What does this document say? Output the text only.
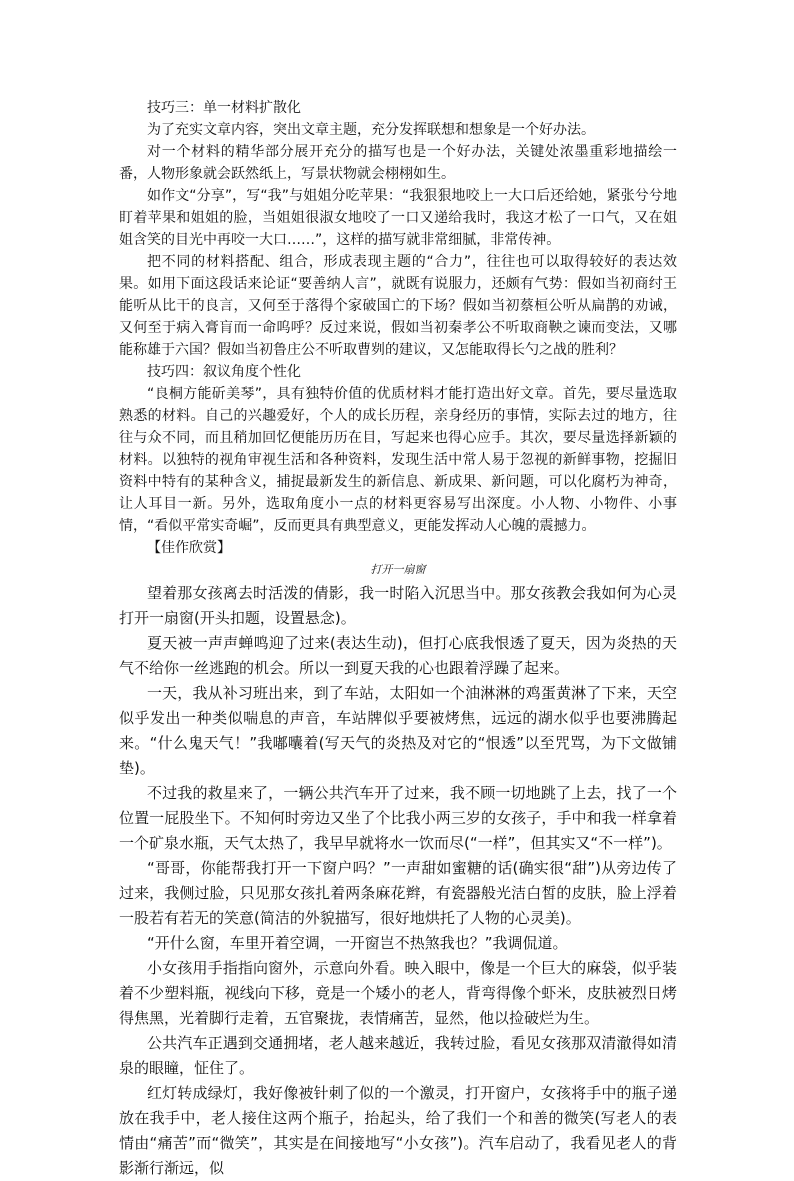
技巧三：单一材料扩散化

为了充实文章内容，突出文章主题，充分发挥联想和想象是一个好办法。

对一个材料的精华部分展开充分的描写也是一个好办法，关键处浓墨重彩地描绘一番，人物形象就会跃然纸上，写景状物就会栩栩如生。

如作文“分享”，写“我”与姐姐分吃苹果：“我狠狠地咬上一大口后还给她，紧张兮兮地盯着苹果和姐姐的脸，当姐姐很淑女地咬了一口又递给我时，我这才松了一口气，又在姐姐含笑的目光中再咬一大口……”，这样的描写就非常细腻，非常传神。

把不同的材料搭配、组合，形成表现主题的“合力”，往往也可以取得较好的表达效果。如用下面这段话来论证“要善纳人言”，就既有说服力，还颇有气势：假如当初商纣王能听从比干的良言，又何至于落得个家破国亡的下场？假如当初蔡桓公听从扁鹊的劝诫，又何至于病入膏肓而一命呜呼？反过来说，假如当初秦孝公不听取商鞅之谏而变法，又哪能称雄于六国？假如当初鲁庄公不听取曹刿的建议，又怎能取得长勺之战的胜利？

技巧四：叙议角度个性化

“良桐方能斫美琴”，具有独特价值的优质材料才能打造出好文章。首先，要尽量选取熟悉的材料。自己的兴趣爱好，个人的成长历程，亲身经历的事情，实际去过的地方，往往与众不同，而且稍加回忆便能历历在目，写起来也得心应手。其次，要尽量选择新颖的材料。以独特的视角审视生活和各种资料，发现生活中常人易于忽视的新鲜事物，挖掘旧资料中特有的某种含义，捕捉最新发生的新信息、新成果、新问题，可以化腐朽为神奇，让人耳目一新。另外，选取角度小一点的材料更容易写出深度。小人物、小物件、小事情，“看似平常实奇崛”，反而更具有典型意义，更能发挥动人心魄的震撼力。

【佳作欣赏】

打开一扇窗

望着那女孩离去时活泼的倩影，我一时陷入沉思当中。那女孩教会我如何为心灵打开一扇窗(开头扣题，设置悬念)。

夏天被一声声蝉鸣迎了过来(表达生动)，但打心底我恨透了夏天，因为炎热的天气不给你一丝逃跑的机会。所以一到夏天我的心也跟着浮躁了起来。

一天，我从补习班出来，到了车站，太阳如一个油淋淋的鸡蛋黄淋了下来，天空似乎发出一种类似喘息的声音，车站牌似乎要被烤焦，远远的湖水似乎也要沸腾起来。“什么鬼天气！”我嘟囔着(写天气的炎热及对它的“恨透”以至咒骂，为下文做铺垫)。

不过我的救星来了，一辆公共汽车开了过来，我不顾一切地跳了上去，找了一个位置一屁股坐下。不知何时旁边又坐了个比我小两三岁的女孩子，手中和我一样拿着一个矿泉水瓶，天气太热了，我早早就将水一饮而尽(“一样”，但其实又“不一样”)。

“哥哥，你能帮我打开一下窗户吗？”一声甜如蜜糖的话(确实很“甜”)从旁边传了过来，我侧过脸，只见那女孩扎着两条麻花辫，有瓷器般光洁白皙的皮肤，脸上浮着一股若有若无的笑意(简洁的外貌描写，很好地烘托了人物的心灵美)。

“开什么窗，车里开着空调，一开窗岂不热煞我也？”我调侃道。

小女孩用手指指向窗外，示意向外看。映入眼中，像是一个巨大的麻袋，似乎装着不少塑料瓶，视线向下移，竟是一个矮小的老人，背弯得像个虾米，皮肤被烈日烤得焦黑，光着脚行走着，五官聚拢，表情痛苦，显然，他以捡破烂为生。

公共汽车正遇到交通拥堵，老人越来越近，我转过脸，看见女孩那双清澈得如清泉的眼瞳，怔住了。

红灯转成绿灯，我好像被针刺了似的一个激灵，打开窗户，女孩将手中的瓶子递放在我手中，老人接住这两个瓶子，抬起头，给了我们一个和善的微笑(写老人的表情由“痛苦”而“微笑”，其实是在间接地写“小女孩”)。汽车启动了，我看见老人的背影渐行渐远，似
